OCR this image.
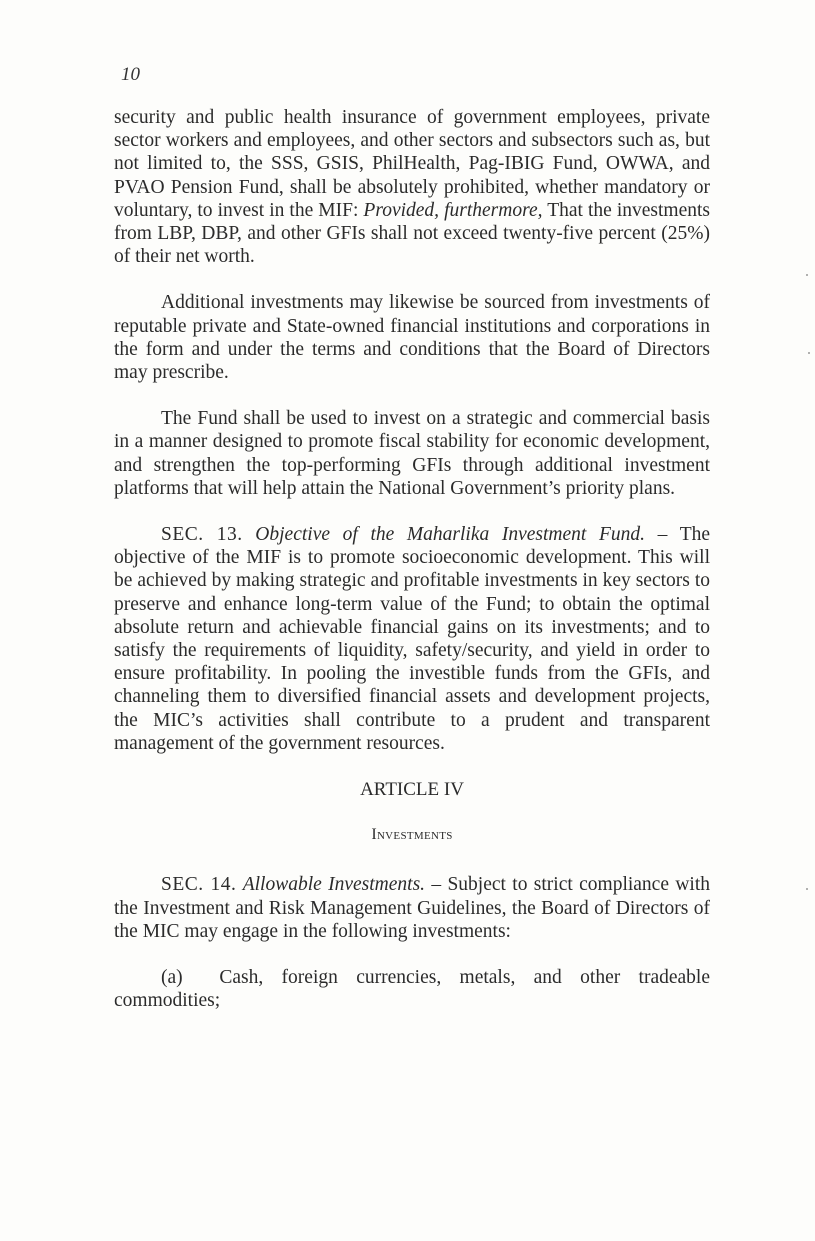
10

security and public health insurance of government employees, private sector workers and employees, and other sectors and subsectors such as, but not limited to, the SSS, GSIS, PhilHealth, Pag-IBIG Fund, OWWA, and PVAO Pension Fund, shall be absolutely prohibited, whether mandatory or voluntary, to invest in the MIF: Provided, furthermore, That the investments from LBP, DBP, and other GFIs shall not exceed twenty-five percent (25%) of their net worth.

Additional investments may likewise be sourced from investments of reputable private and State-owned financial institutions and corporations in the form and under the terms and conditions that the Board of Directors may prescribe.

The Fund shall be used to invest on a strategic and commercial basis in a manner designed to promote fiscal stability for economic development, and strengthen the top-performing GFIs through additional investment platforms that will help attain the National Government’s priority plans.

SEC. 13. Objective of the Maharlika Investment Fund. – The objective of the MIF is to promote socioeconomic development. This will be achieved by making strategic and profitable investments in key sectors to preserve and enhance long-term value of the Fund; to obtain the optimal absolute return and achievable financial gains on its investments; and to satisfy the requirements of liquidity, safety/security, and yield in order to ensure profitability. In pooling the investible funds from the GFIs, and channeling them to diversified financial assets and development projects, the MIC’s activities shall contribute to a prudent and transparent management of the government resources.

ARTICLE IV

Investments

SEC. 14. Allowable Investments. – Subject to strict compliance with the Investment and Risk Management Guidelines, the Board of Directors of the MIC may engage in the following investments:

(a) Cash, foreign currencies, metals, and other tradeable commodities;
